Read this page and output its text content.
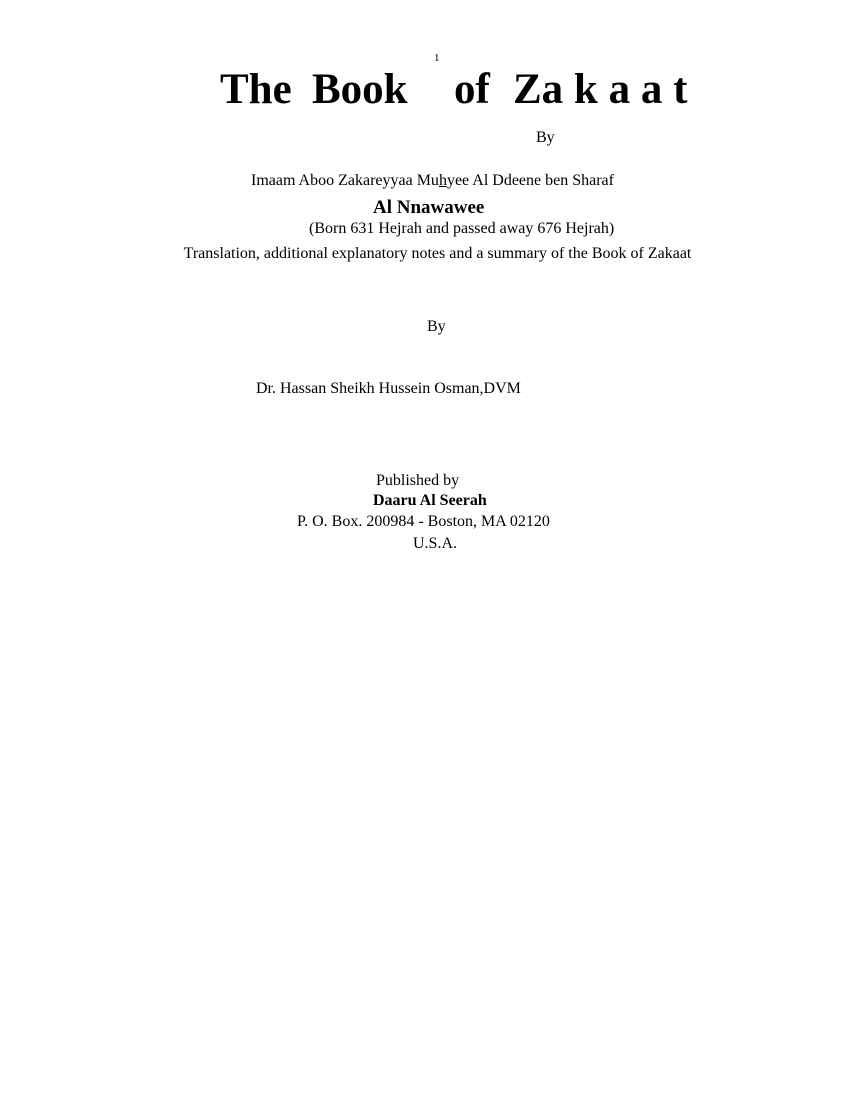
1
The Book of Za k a a t
By
Imaam Aboo Zakareyyaa Muhyee Al Ddeene ben Sharaf
Al Nnawawee
(Born 631 Hejrah and passed away 676 Hejrah)
Translation, additional explanatory notes and a summary of the Book of Zakaat
By
Dr. Hassan Sheikh Hussein Osman,DVM
Published by
Daaru Al Seerah
P. O. Box. 200984 - Boston, MA 02120
U.S.A.
